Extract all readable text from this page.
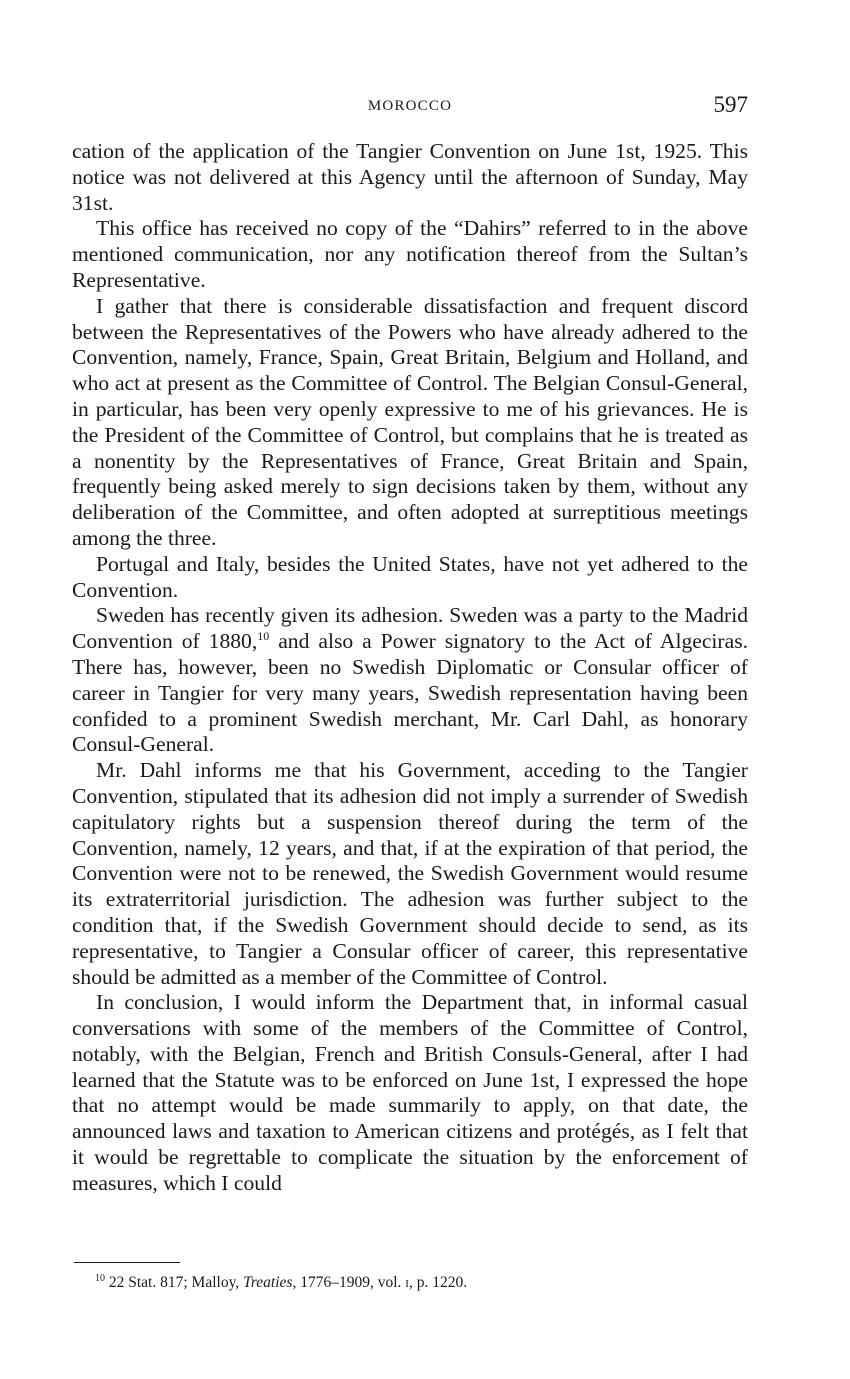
MOROCCO	597

cation of the application of the Tangier Convention on June 1st, 1925. This notice was not delivered at this Agency until the afternoon of Sunday, May 31st.

This office has received no copy of the “Dahirs” referred to in the above mentioned communication, nor any notification thereof from the Sultan’s Representative.

I gather that there is considerable dissatisfaction and frequent discord between the Representatives of the Powers who have already adhered to the Convention, namely, France, Spain, Great Britain, Belgium and Holland, and who act at present as the Committee of Control. The Belgian Consul-General, in particular, has been very openly expressive to me of his grievances. He is the President of the Committee of Control, but complains that he is treated as a nonentity by the Representatives of France, Great Britain and Spain, frequently being asked merely to sign decisions taken by them, without any deliberation of the Committee, and often adopted at surreptitious meetings among the three.

Portugal and Italy, besides the United States, have not yet adhered to the Convention.

Sweden has recently given its adhesion. Sweden was a party to the Madrid Convention of 1880,10 and also a Power signatory to the Act of Algeciras. There has, however, been no Swedish Diplomatic or Consular officer of career in Tangier for very many years, Swedish representation having been confided to a prominent Swedish merchant, Mr. Carl Dahl, as honorary Consul-General.

Mr. Dahl informs me that his Government, acceding to the Tangier Convention, stipulated that its adhesion did not imply a surrender of Swedish capitulatory rights but a suspension thereof during the term of the Convention, namely, 12 years, and that, if at the expiration of that period, the Convention were not to be renewed, the Swedish Government would resume its extraterritorial jurisdiction. The adhesion was further subject to the condition that, if the Swedish Government should decide to send, as its representative, to Tangier a Consular officer of career, this representative should be admitted as a member of the Committee of Control.

In conclusion, I would inform the Department that, in informal casual conversations with some of the members of the Committee of Control, notably, with the Belgian, French and British Consuls-General, after I had learned that the Statute was to be enforced on June 1st, I expressed the hope that no attempt would be made summarily to apply, on that date, the announced laws and taxation to American citizens and protégés, as I felt that it would be regrettable to complicate the situation by the enforcement of measures, which I could

$^{10}$ 22 Stat. 817; Malloy, Treaties, 1776–1909, vol. i, p. 1220.
